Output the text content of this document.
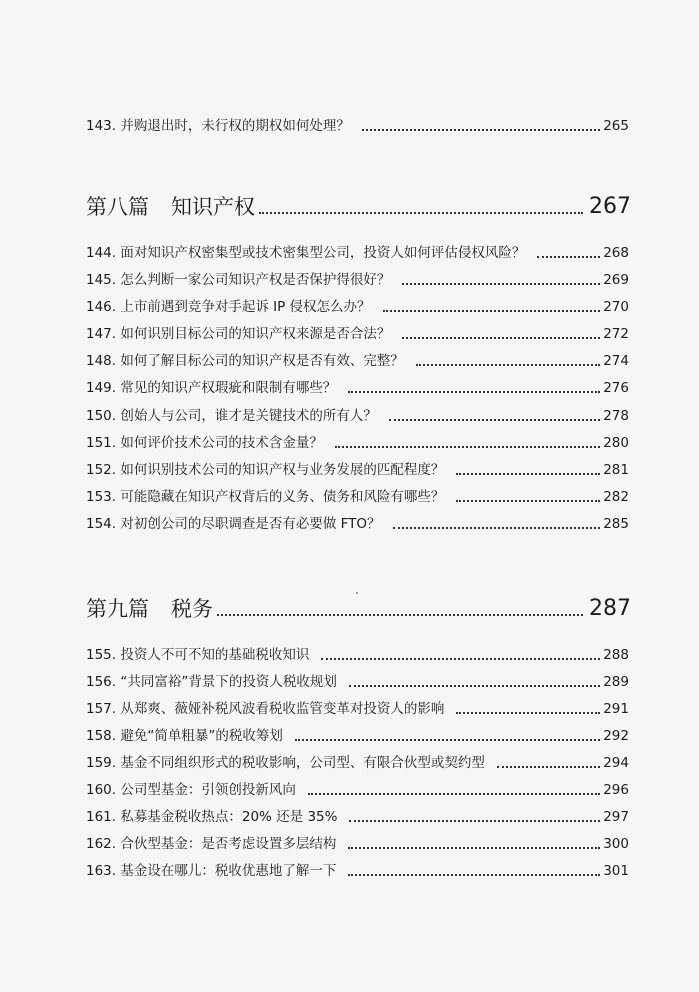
143. 并购退出时，未行权的期权如何处理？	265
第八篇 知识产权	267
144. 面对知识产权密集型或技术密集型公司，投资人如何评估侵权风险？	268
145. 怎么判断一家公司知识产权是否保护得很好？	269
146. 上市前遇到竞争对手起诉 IP 侵权怎么办？	270
147. 如何识别目标公司的知识产权来源是否合法？	272
148. 如何了解目标公司的知识产权是否有效、完整？	274
149. 常见的知识产权瑕疵和限制有哪些？	276
150. 创始人与公司，谁才是关键技术的所有人？	278
151. 如何评价技术公司的技术含金量？	280
152. 如何识别技术公司的知识产权与业务发展的匹配程度？	281
153. 可能隐藏在知识产权背后的义务、债务和风险有哪些？	282
154. 对初创公司的尽职调查是否有必要做 FTO？	285
第九篇 税务	287
155. 投资人不可不知的基础税收知识	288
156. “共同富裕”背景下的投资人税收规划	289
157. 从郑爽、薇娅补税风波看税收监管变革对投资人的影响	291
158. 避免“简单粗暴”的税收筹划	292
159. 基金不同组织形式的税收影响，公司型、有限合伙型或契约型	294
160. 公司型基金：引领创投新风向	296
161. 私募基金税收热点：20% 还是 35%	297
162. 合伙型基金：是否考虑设置多层结构	300
163. 基金设在哪儿：税收优惠地了解一下	301
